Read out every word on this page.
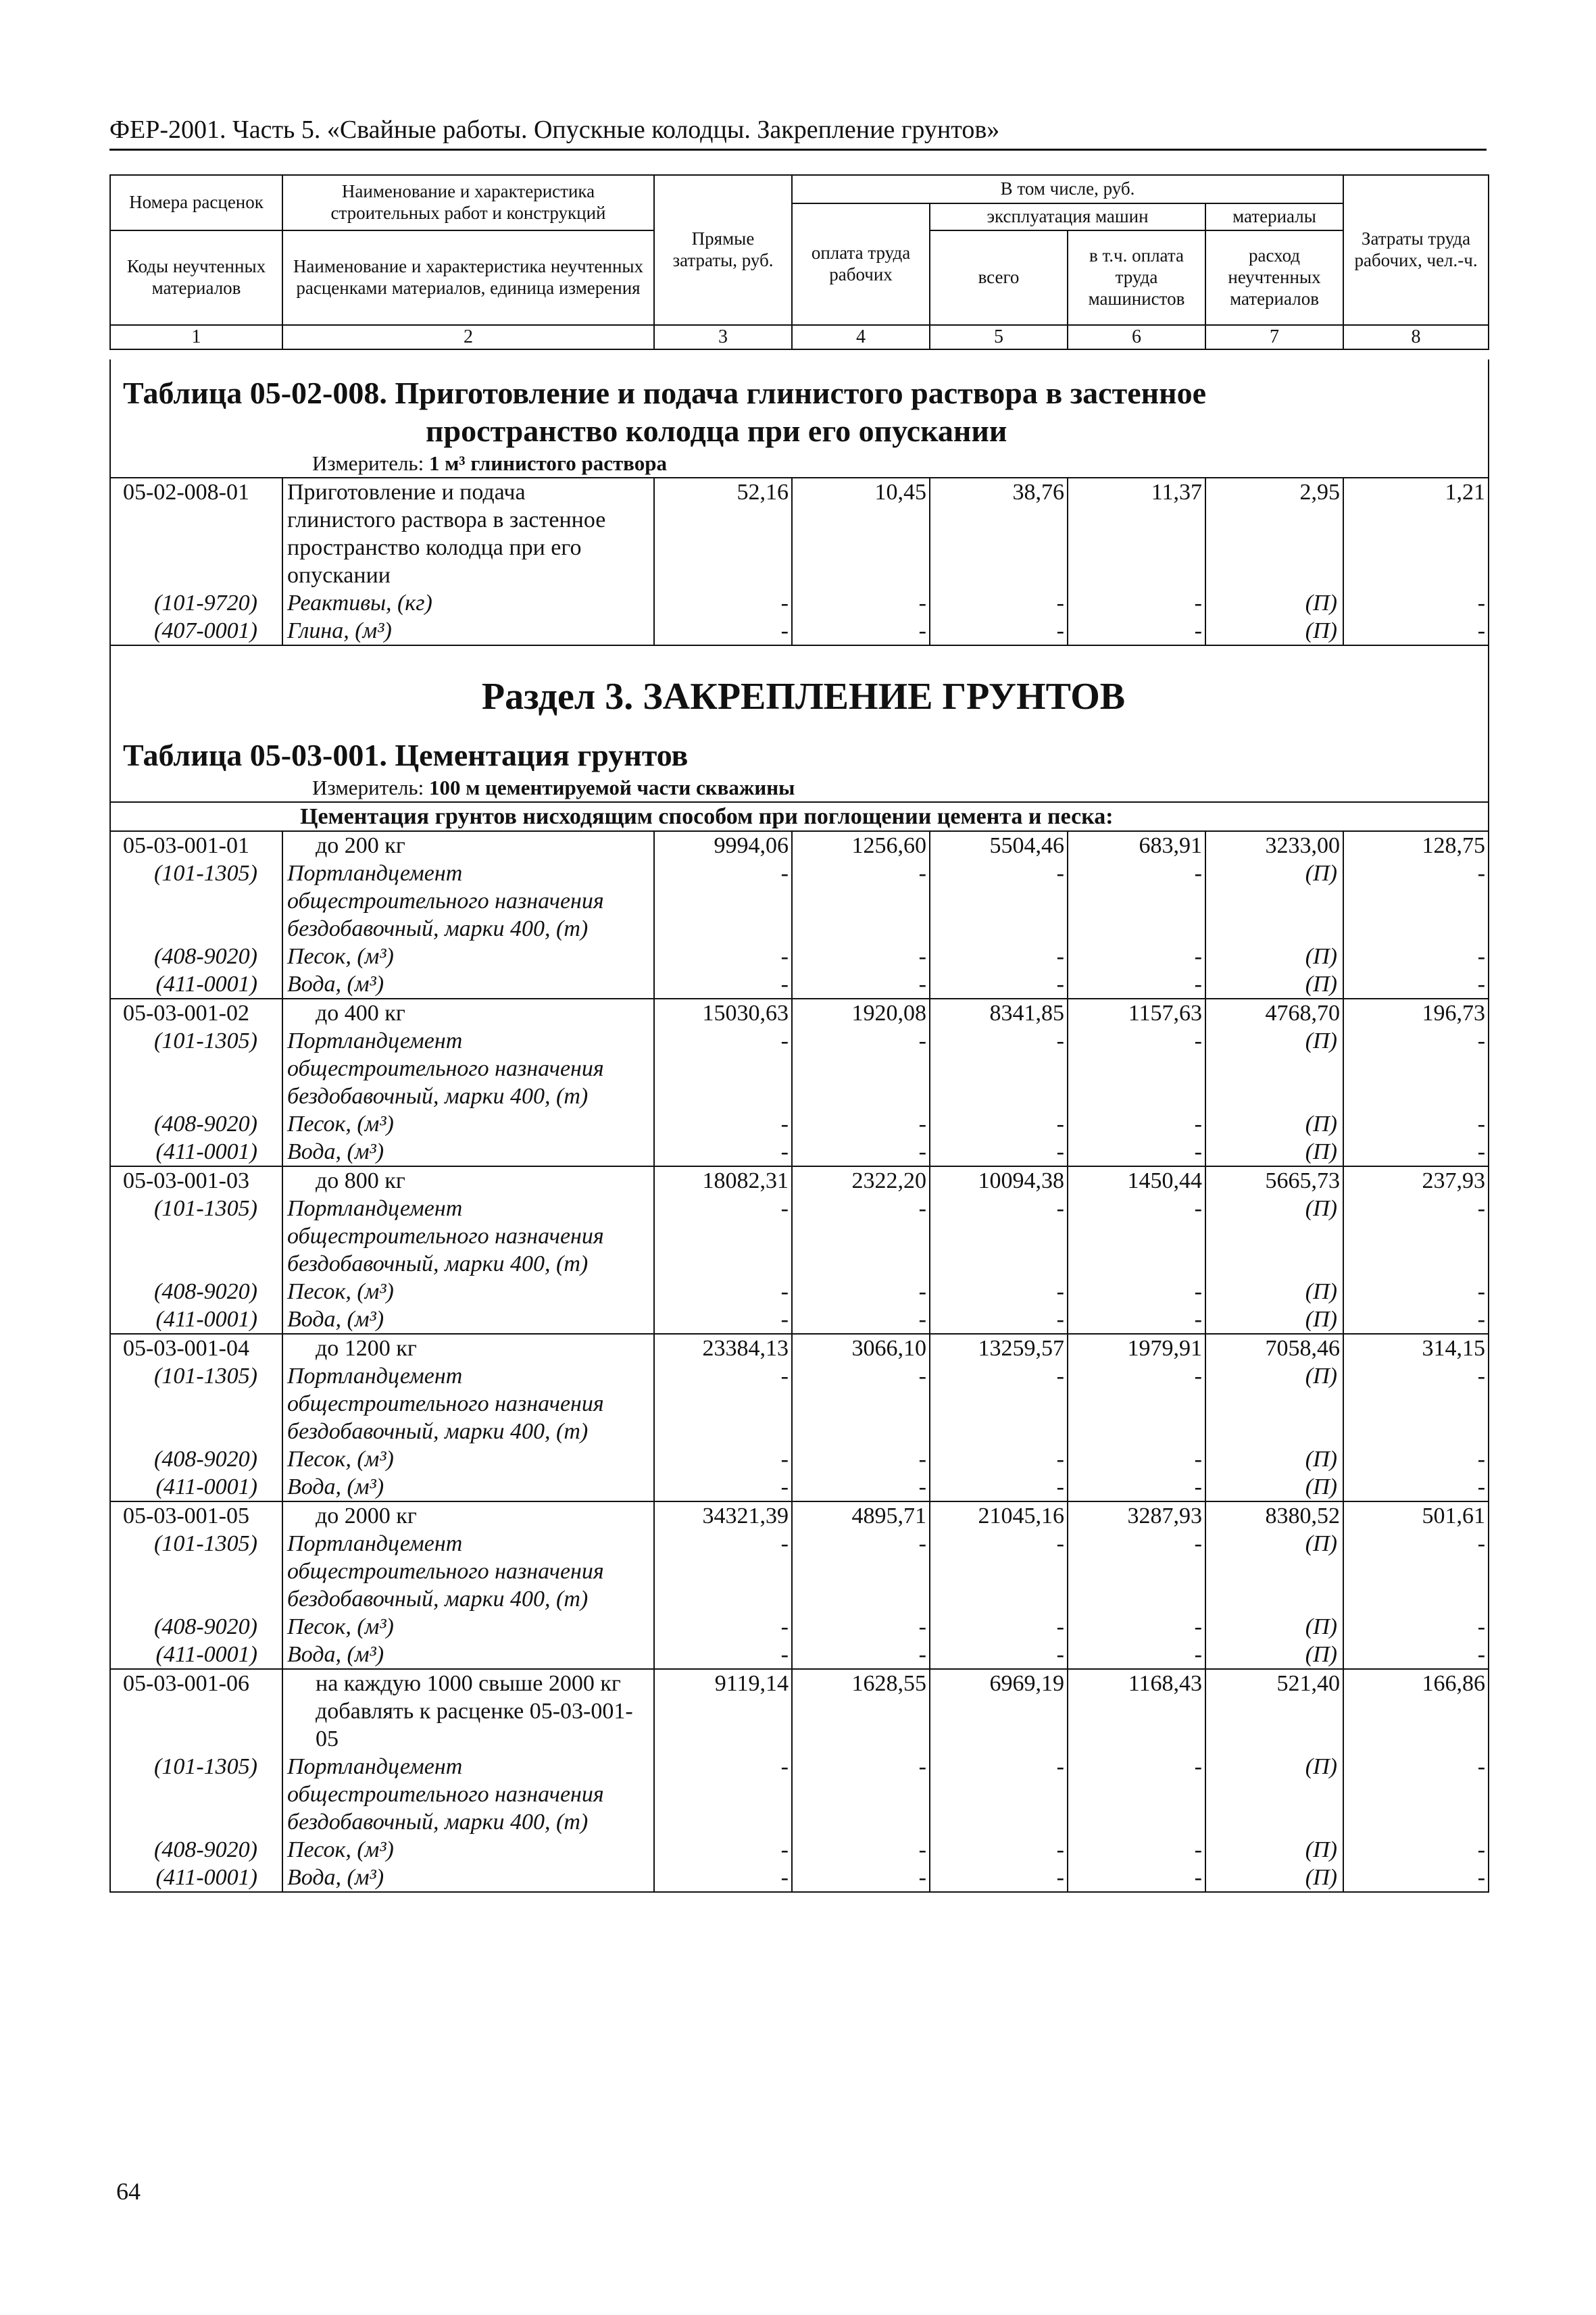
ФЕР-2001. Часть 5. «Свайные работы. Опускные колодцы. Закрепление грунтов»
Номера расценок	Наименование и характеристика строительных работ и конструкций	Прямые затраты, руб.	В том числе, руб.				Затраты труда рабочих, чел.-ч.
			оплата труда рабочих	эксплуатация машин		материалы	
Коды неучтенных материалов	Наименование и характеристика неучтенных расценками материалов, единица измерения			всего	в т.ч. оплата труда машинистов	расход неучтенных материалов	

1	2	3	4	5	6	7	8
Таблица 05-02-008. Приготовление и подача глинистого раствора в застенное
пространство колодца при его опускании
Измеритель: 1 м³ глинистого раствора							

05-02-008-01	Приготовление и подача
глинистого раствора в застенное
пространство колодца при его
опускании	52,16	10,45	38,76	11,37	2,95	1,21
(101-9720)	Реактивы, (кг)	-	-	-	-	(П)	-
(407-0001)	Глина, (м³)	-	-	-	-	(П)	-

Раздел 3. ЗАКРЕПЛЕНИЕ ГРУНТОВ
Таблица 05-03-001. Цементация грунтов
Измеритель: 100 м цементируемой части скважины							

Цементация грунтов нисходящим способом при поглощении цемента и песка:							
05-03-001-01	до 200 кг	9994,06	1256,60	5504,46	683,91	3233,00	128,75
(101-1305)	Портландцемент
общестроительного назначения
бездобавочный, марки 400, (т)	-	-	-	-	(П)	-
(408-9020)	Песок, (м³)	-	-	-	-	(П)	-
(411-0001)	Вода, (м³)	-	-	-	-	(П)	-
05-03-001-02	до 400 кг	15030,63	1920,08	8341,85	1157,63	4768,70	196,73
(101-1305)	Портландцемент
общестроительного назначения
бездобавочный, марки 400, (т)	-	-	-	-	(П)	-
(408-9020)	Песок, (м³)	-	-	-	-	(П)	-
(411-0001)	Вода, (м³)	-	-	-	-	(П)	-
05-03-001-03	до 800 кг	18082,31	2322,20	10094,38	1450,44	5665,73	237,93
(101-1305)	Портландцемент
общестроительного назначения
бездобавочный, марки 400, (т)	-	-	-	-	(П)	-
(408-9020)	Песок, (м³)	-	-	-	-	(П)	-
(411-0001)	Вода, (м³)	-	-	-	-	(П)	-
05-03-001-04	до 1200 кг	23384,13	3066,10	13259,57	1979,91	7058,46	314,15
(101-1305)	Портландцемент
общестроительного назначения
бездобавочный, марки 400, (т)	-	-	-	-	(П)	-
(408-9020)	Песок, (м³)	-	-	-	-	(П)	-
(411-0001)	Вода, (м³)	-	-	-	-	(П)	-
05-03-001-05	до 2000 кг	34321,39	4895,71	21045,16	3287,93	8380,52	501,61
(101-1305)	Портландцемент
общестроительного назначения
бездобавочный, марки 400, (т)	-	-	-	-	(П)	-
(408-9020)	Песок, (м³)	-	-	-	-	(П)	-
(411-0001)	Вода, (м³)	-	-	-	-	(П)	-
05-03-001-06	на каждую 1000 свыше 2000 кг
добавлять к расценке 05-03-001-
05	9119,14	1628,55	6969,19	1168,43	521,40	166,86
(101-1305)	Портландцемент
общестроительного назначения
бездобавочный, марки 400, (т)	-	-	-	-	(П)	-
(408-9020)	Песок, (м³)	-	-	-	-	(П)	-
(411-0001)	Вода, (м³)	-	-	-	-	(П)	-
64
